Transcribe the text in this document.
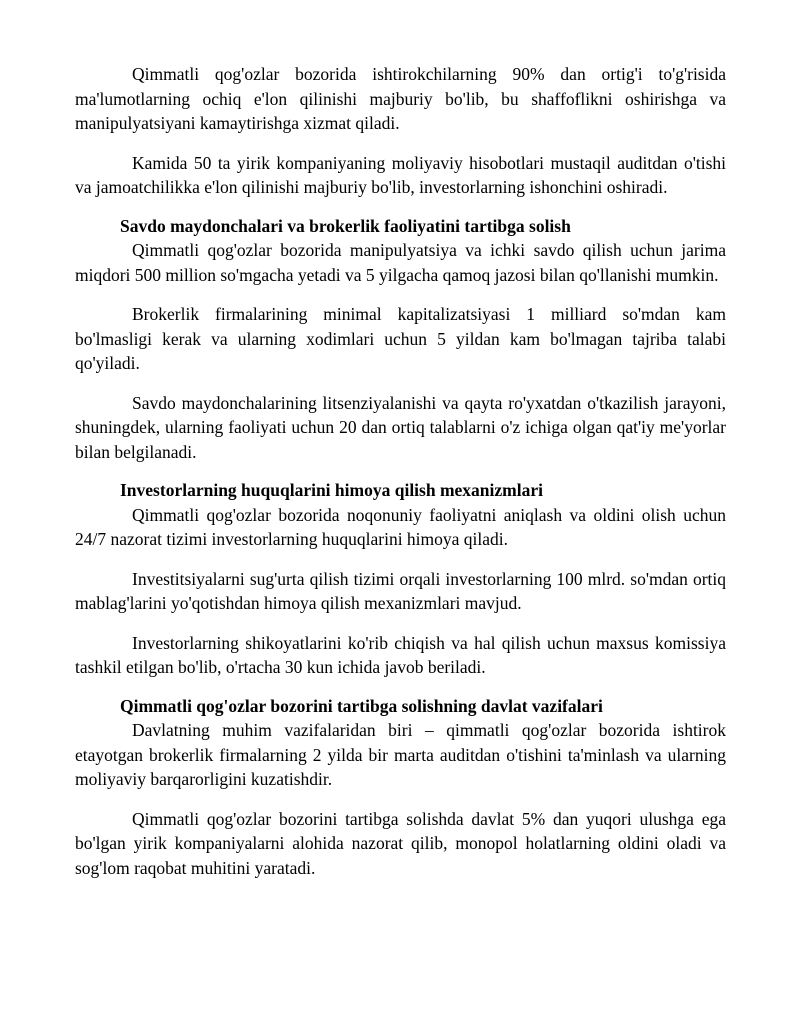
Qimmatli qog'ozlar bozorida ishtirokchilarning 90% dan ortig'i to'g'risida ma'lumotlarning ochiq e'lon qilinishi majburiy bo'lib, bu shaffoflikni oshirishga va manipulyatsiyani kamaytirishga xizmat qiladi.

Kamida 50 ta yirik kompaniyaning moliyaviy hisobotlari mustaqil auditdan o'tishi va jamoatchilikka e'lon qilinishi majburiy bo'lib, investorlarning ishonchini oshiradi.

Savdo maydonchalari va brokerlik faoliyatini tartibga solish

Qimmatli qog'ozlar bozorida manipulyatsiya va ichki savdo qilish uchun jarima miqdori 500 million so'mgacha yetadi va 5 yilgacha qamoq jazosi bilan qo'llanishi mumkin.

Brokerlik firmalarining minimal kapitalizatsiyasi 1 milliard so'mdan kam bo'lmasligi kerak va ularning xodimlari uchun 5 yildan kam bo'lmagan tajriba talabi qo'yiladi.

Savdo maydonchalarining litsenziyalanishi va qayta ro'yxatdan o'tkazilish jarayoni, shuningdek, ularning faoliyati uchun 20 dan ortiq talablarni o'z ichiga olgan qat'iy me'yorlar bilan belgilanadi.

Investorlarning huquqlarini himoya qilish mexanizmlari

Qimmatli qog'ozlar bozorida noqonuniy faoliyatni aniqlash va oldini olish uchun 24/7 nazorat tizimi investorlarning huquqlarini himoya qiladi.

Investitsiyalarni sug'urta qilish tizimi orqali investorlarning 100 mlrd. so'mdan ortiq mablag'larini yo'qotishdan himoya qilish mexanizmlari mavjud.

Investorlarning shikoyatlarini ko'rib chiqish va hal qilish uchun maxsus komissiya tashkil etilgan bo'lib, o'rtacha 30 kun ichida javob beriladi.

Qimmatli qog'ozlar bozorini tartibga solishning davlat vazifalari

Davlatning muhim vazifalaridan biri – qimmatli qog'ozlar bozorida ishtirok etayotgan brokerlik firmalarning 2 yilda bir marta auditdan o'tishini ta'minlash va ularning moliyaviy barqarorligini kuzatishdir.

Qimmatli qog'ozlar bozorini tartibga solishda davlat 5% dan yuqori ulushga ega bo'lgan yirik kompaniyalarni alohida nazorat qilib, monopol holatlarning oldini oladi va sog'lom raqobat muhitini yaratadi.
